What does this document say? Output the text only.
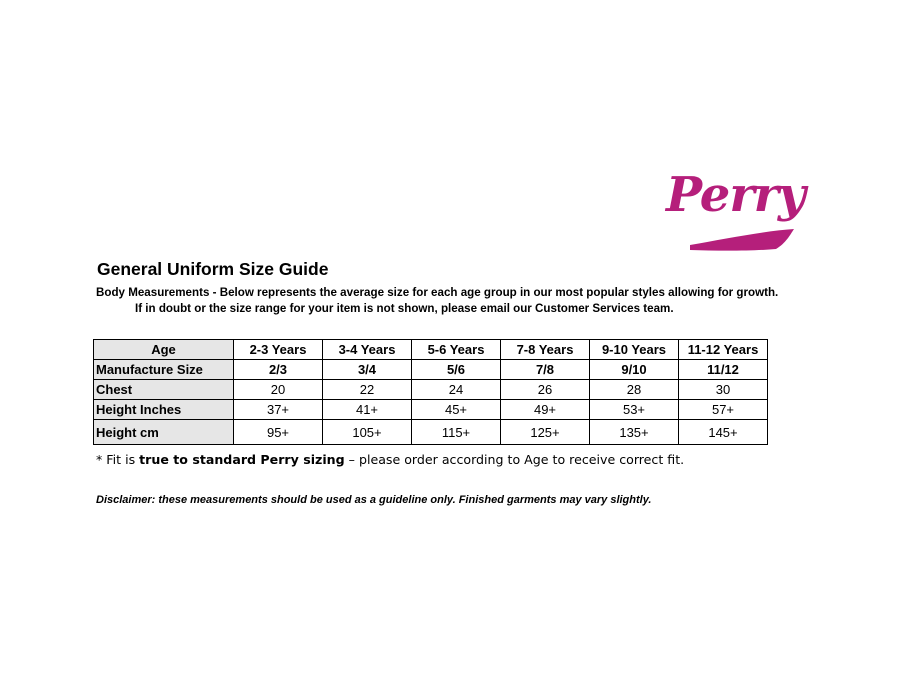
Perry
General Uniform Size Guide
Body Measurements - Below represents the average size for each age group in our most popular styles allowing for growth.
If in doubt or the size range for your item is not shown, please email our Customer Services team.
Age	2-3 Years	3-4 Years	5-6 Years	7-8 Years	9-10 Years	11-12 Years
Manufacture Size	2/3	3/4	5/6	7/8	9/10	11/12
Chest	20	22	24	26	28	30
Height Inches	37+	41+	45+	49+	53+	57+
Height cm	95+	105+	115+	125+	135+	145+
* Fit is true to standard Perry sizing – please order according to Age to receive correct fit.
Disclaimer: these measurements should be used as a guideline only. Finished garments may vary slightly.
